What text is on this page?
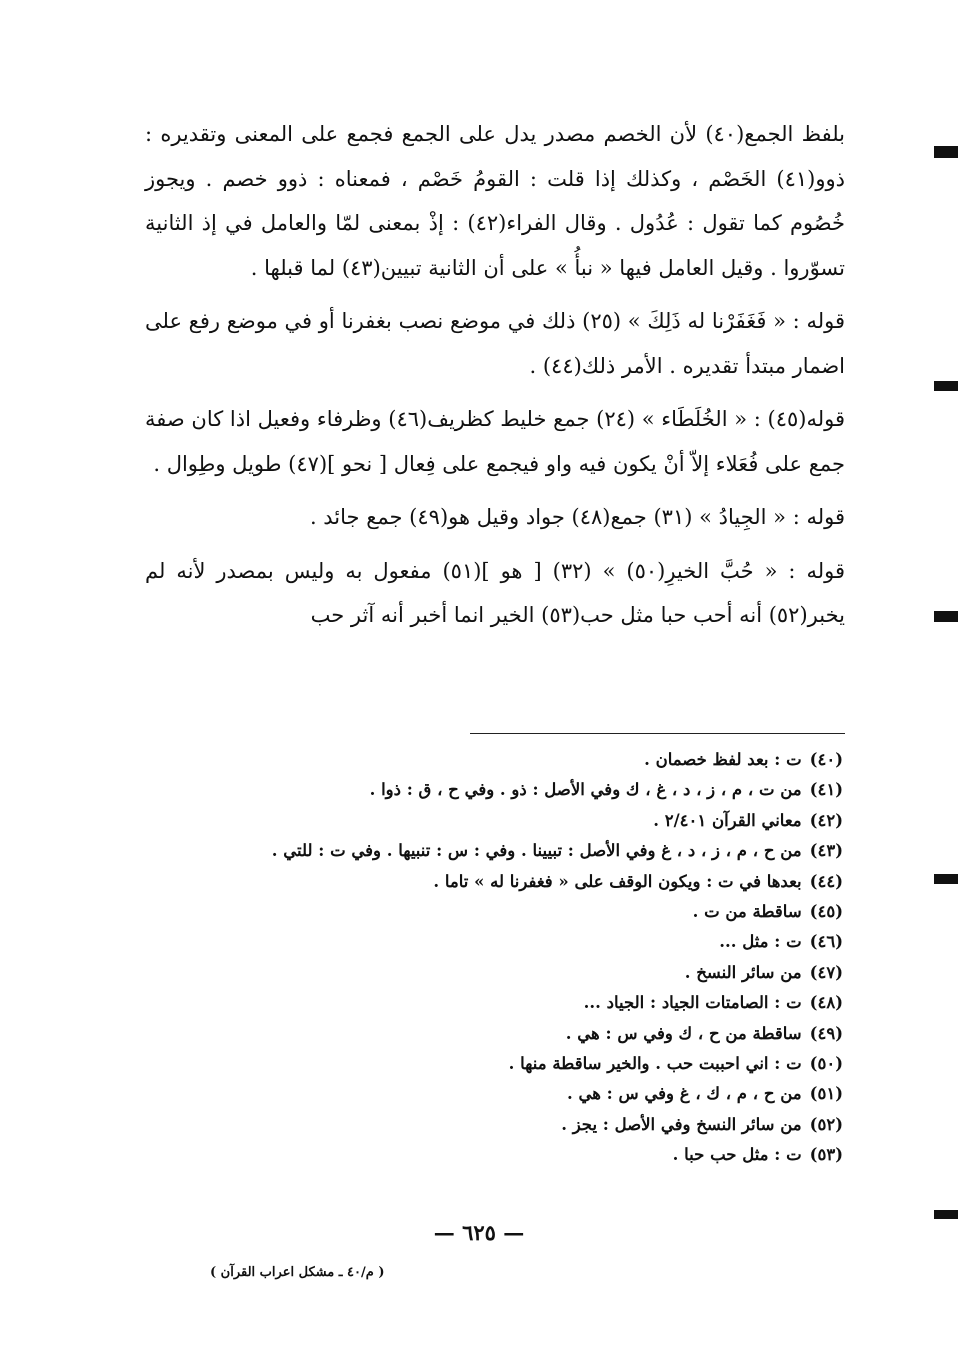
بلفظ الجمع(٤٠) لأن الخصم مصدر يدل على الجمع فجمع على المعنى وتقديره : ذوو(٤١) الخَصْم ، وكذلك إذا قلت : القومُ خَصْم ، فمعناه : ذوو خصم . ويجوز خُصُوم كما تقول : عُدُول . وقال الفراء(٤٢) : إذْ بمعنى لمّا والعامل في إذ الثانية تسوّروا . وقيل العامل فيها « نبأُ » على أن الثانية تبيين(٤٣) لما قبلها .

قوله : « فَغَفَرْنا له ذَلِكَ » (٢٥) ذلك في موضع نصب بغفرنا أو في موضع رفع على اضمار مبتدأ تقديره . الأمر ذلك(٤٤) .

قوله(٤٥) : « الخُلَطَاء » (٢٤) جمع خليط كظريف(٤٦) وظرفاء وفعيل اذا كان صفة جمع على فُعَلاء إلاّ أنْ يكون فيه واو فيجمع على فِعال [ نحو ](٤٧) طويل وطِوال .

قوله : « الجِيادُ » (٣١) جمع(٤٨) جواد وقيل هو(٤٩) جمع جائد .

قوله : « حُبَّ الخيرِ(٥٠) » (٣٢) [ هو ](٥١) مفعول به وليس بمصدر لأنه لم يخبر(٥٢) أنه أحب حبا مثل حب(٥٣) الخير انما أخبر أنه آثر حب

(٤٠)ت : بعد لفظ خصمان .

(٤١)من ت ، م ، ز ، د ، غ ، ك وفي الأصل : ذو . وفي ح ، ق : ذوا .

(٤٢)معاني القرآن ٢/٤٠١ .

(٤٣)من ح ، م ، ز ، د ، غ وفي الأصل : تبيينا . وفي : س : تنبيها . وفي ت : للتي .

(٤٤)بعدها في ت : ويكون الوقف على « فغفرنا له » تاما .

(٤٥)ساقطة من ت .

(٤٦)ت : مثل ...

(٤٧)من سائر النسخ .

(٤٨)ت : الصامتات الجياد : الجياد ...

(٤٩)ساقطة من ح ، ك وفي س : هي .

(٥٠)ت : اني احببت حب . والخير ساقطة منها .

(٥١)من ح ، م ، ك ، غ وفي س : هي .

(٥٢)من سائر النسخ وفي الأصل : يجز .

(٥٣)ت : مثل حب حبا .

— ٦٢٥ —
( م/٤٠ ـ مشكل اعراب القرآن )
